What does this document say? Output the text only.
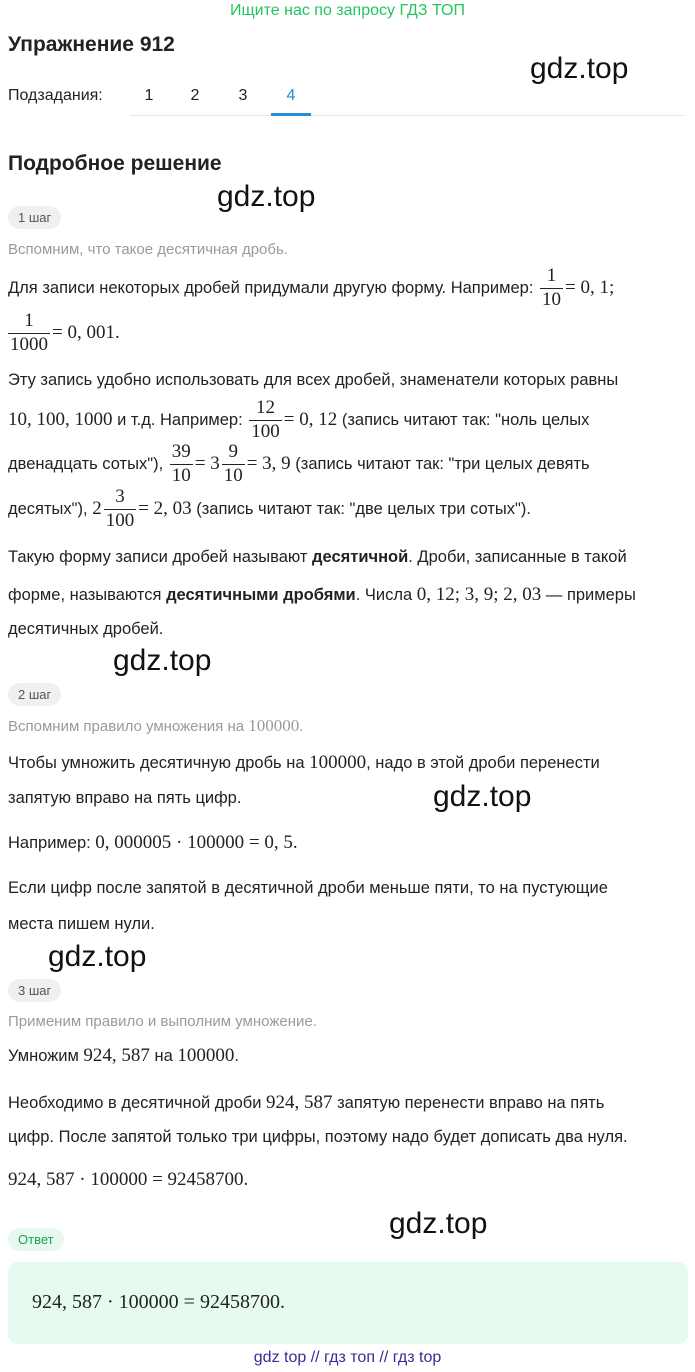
Ищите нас по запросу ГДЗ ТОП
Упражнение 912
gdz.top
Подзадания:	1	2	3	4
Подробное решение
gdz.top
1 шаг
Вспомним, что такое десятичная дробь.
Для записи некоторых дробей придумали другую форму. Например: $\frac{1}{10} = 0$, 1;
$\frac{1}{1000} = 0$, 001.
Эту запись удобно использовать для всех дробей, знаменатели которых равны
10, 100, 1000 и т.д. Например: $\frac{12}{100} = 0$, 12 (запись читают так: "ноль целых
двенадцать сотых"), $\frac{39}{10} = 3 \frac{9}{10} = 3$, 9 (запись читают так: "три целых девять
десятых"), $2 \frac{3}{100} = 2$, 03 (запись читают так: "две целых три сотых").
Такую форму записи дробей называют десятичной. Дроби, записанные в такой
форме, называются десятичными дробями. Числа 0, 12; 3, 9; 2, 03 — примеры
десятичных дробей.
gdz.top
2 шаг
Вспомним правило умножения на 100000.
Чтобы умножить десятичную дробь на 100000, надо в этой дроби перенести
запятую вправо на пять цифр.	gdz.top
Например: 0, 000005 · 100000 = 0, 5.
Если цифр после запятой в десятичной дроби меньше пяти, то на пустующие
места пишем нули.
gdz.top
3 шаг
Применим правило и выполним умножение.
Умножим 924, 587 на 100000.
Необходимо в десятичной дроби 924, 587 запятую перенести вправо на пять
цифр. После запятой только три цифры, поэтому надо будет дописать два нуля.
924, 587 · 100000 = 92458700.
gdz.top
Ответ
924, 587 · 100000 = 92458700.
gdz top // гдз топ // гдз top
